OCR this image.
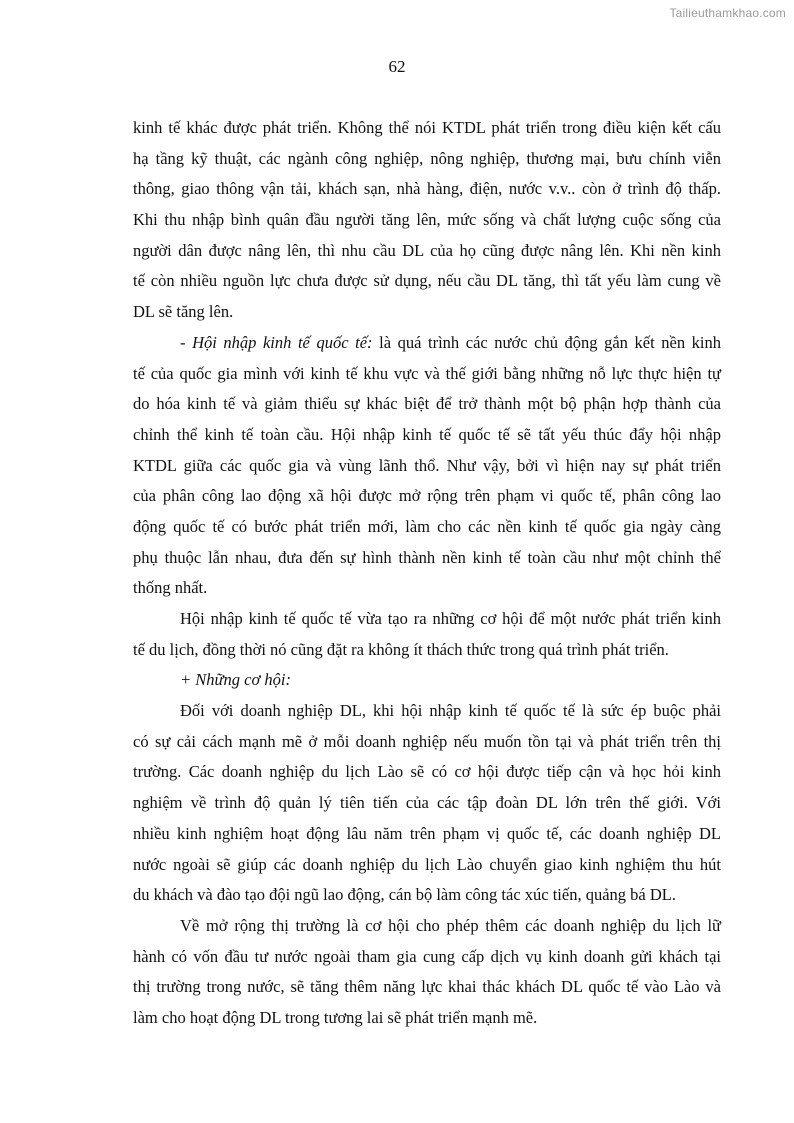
Tailieuthamkhao.com
62
kinh tế khác được phát triển. Không thể nói KTDL phát triển trong điều kiện kết cấu
hạ tầng kỹ thuật, các ngành công nghiệp, nông nghiệp, thương mại, bưu chính viễn
thông, giao thông vận tải, khách sạn, nhà hàng, điện, nước v.v.. còn ở trình độ thấp.
Khi thu nhập bình quân đầu người tăng lên, mức sống và chất lượng cuộc sống của
người dân được nâng lên, thì nhu cầu DL của họ cũng được nâng lên. Khi nền kinh
tế còn nhiều nguồn lực chưa được sử dụng, nếu cầu DL tăng, thì tất yếu làm cung về
DL sẽ tăng lên.
- Hội nhập kinh tế quốc tế: là quá trình các nước chủ động gắn kết nền kinh
tế của quốc gia mình với kinh tế khu vực và thế giới bằng những nỗ lực thực hiện tự
do hóa kinh tế và giảm thiểu sự khác biệt để trở thành một bộ phận hợp thành của
chỉnh thể kinh tế toàn cầu. Hội nhập kinh tế quốc tế sẽ tất yếu thúc đẩy hội nhập
KTDL giữa các quốc gia và vùng lãnh thổ. Như vậy, bởi vì hiện nay sự phát triển
của phân công lao động xã hội được mở rộng trên phạm vi quốc tế, phân công lao
động quốc tế có bước phát triển mới, làm cho các nền kinh tế quốc gia ngày càng
phụ thuộc lẫn nhau, đưa đến sự hình thành nền kinh tế toàn cầu như một chỉnh thể
thống nhất.
Hội nhập kinh tế quốc tế vừa tạo ra những cơ hội để một nước phát triển kinh
tế du lịch, đồng thời nó cũng đặt ra không ít thách thức trong quá trình phát triển.
+ Những cơ hội:
Đối với doanh nghiệp DL, khi hội nhập kinh tế quốc tế là sức ép buộc phải
có sự cải cách mạnh mẽ ở mỗi doanh nghiệp nếu muốn tồn tại và phát triển trên thị
trường. Các doanh nghiệp du lịch Lào sẽ có cơ hội được tiếp cận và học hỏi kinh
nghiệm về trình độ quản lý tiên tiến của các tập đoàn DL lớn trên thế giới. Với
nhiều kinh nghiệm hoạt động lâu năm trên phạm vị quốc tế, các doanh nghiệp DL
nước ngoài sẽ giúp các doanh nghiệp du lịch Lào chuyển giao kinh nghiệm thu hút
du khách và đào tạo đội ngũ lao động, cán bộ làm công tác xúc tiến, quảng bá DL.
Về mở rộng thị trường là cơ hội cho phép thêm các doanh nghiệp du lịch lữ
hành có vốn đầu tư nước ngoài tham gia cung cấp dịch vụ kinh doanh gửi khách tại
thị trường trong nước, sẽ tăng thêm năng lực khai thác khách DL quốc tế vào Lào và
làm cho hoạt động DL trong tương lai sẽ phát triển mạnh mẽ.
